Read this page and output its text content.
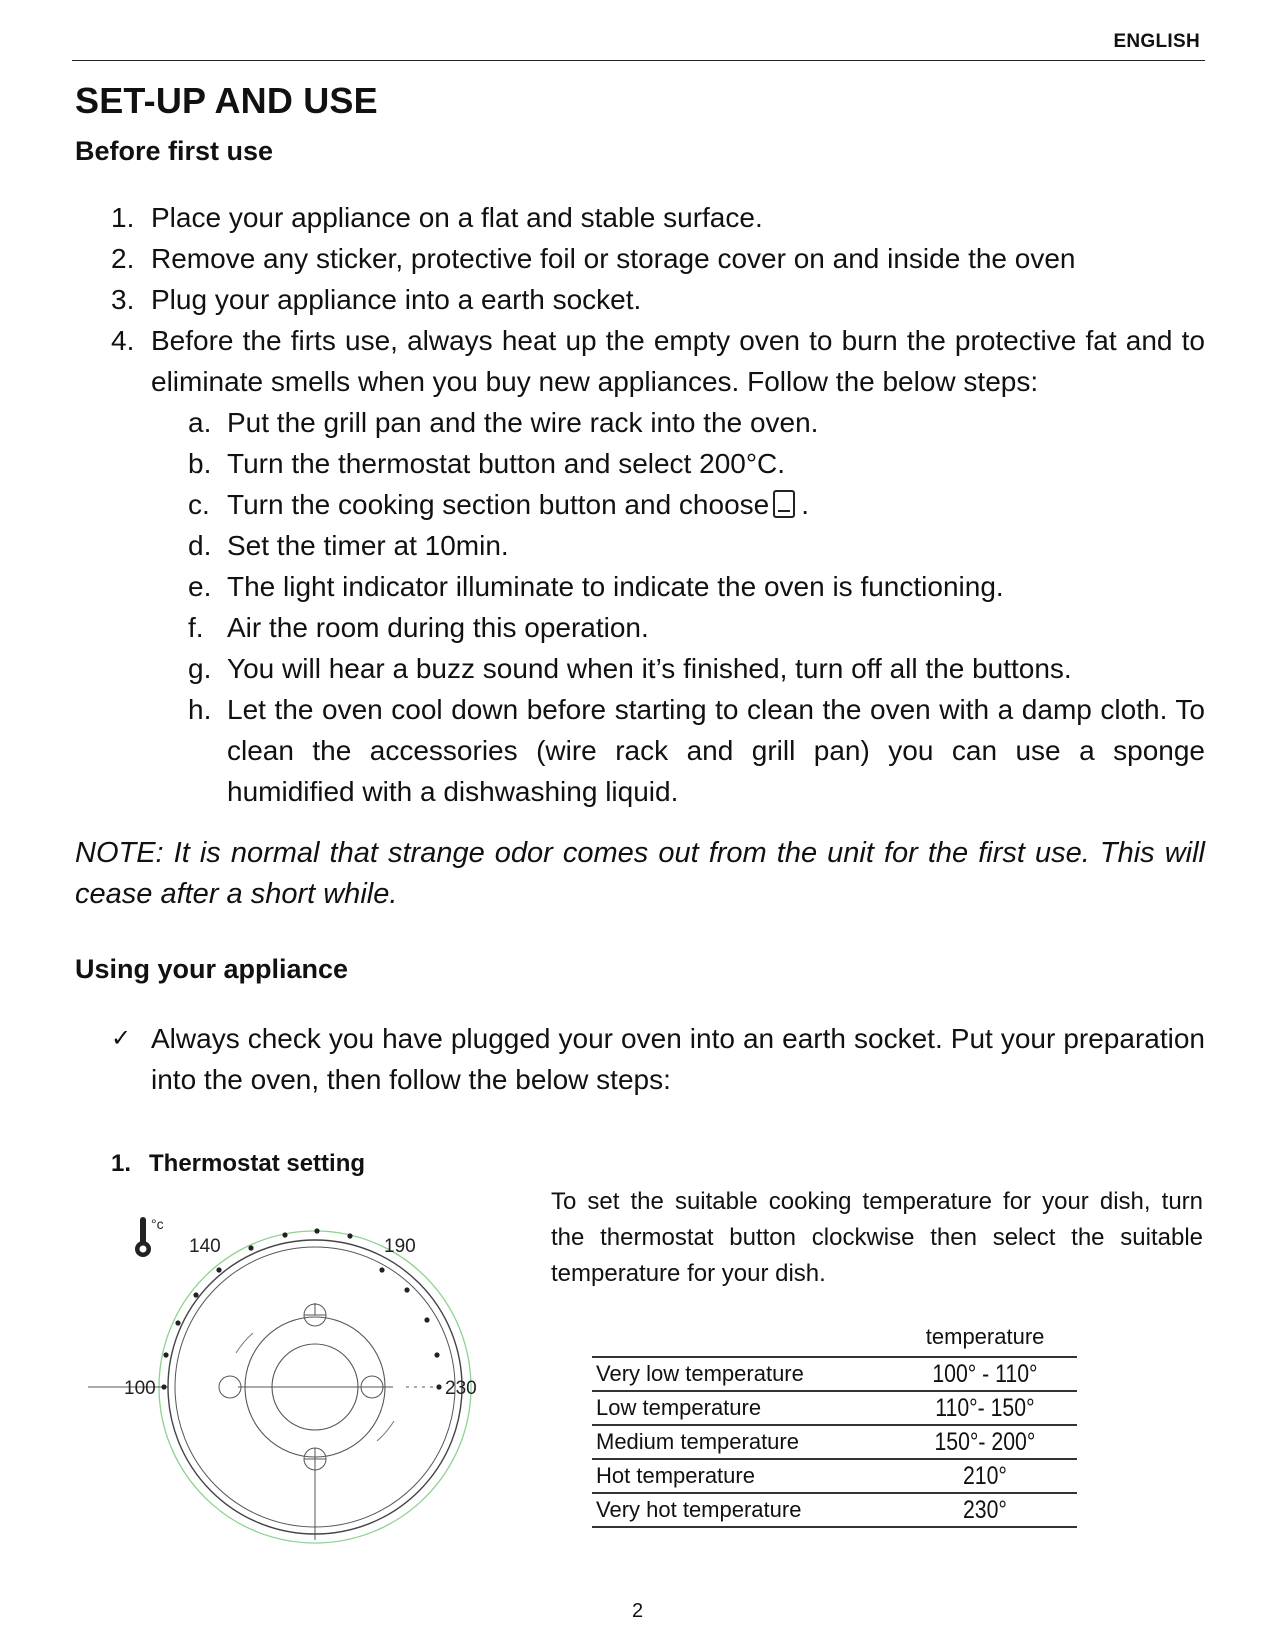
ENGLISH
SET-UP AND USE
Before first use
1. Place your appliance on a flat and stable surface.
2. Remove any sticker, protective foil or storage cover on and inside the oven
3. Plug your appliance into a earth socket.
4. Before the firts use, always heat up the empty oven to burn the protective fat and to eliminate smells when you buy new appliances. Follow the below steps:
a. Put the grill pan and the wire rack into the oven.
b. Turn the thermostat button and select 200°C.
c. Turn the cooking section button and choose .
d. Set the timer at 10min.
e. The light indicator illuminate to indicate the oven is functioning.
f. Air the room during this operation.
g. You will hear a buzz sound when it’s finished, turn off all the buttons.
h. Let the oven cool down before starting to clean the oven with a damp cloth. To clean the accessories (wire rack and grill pan) you can use a sponge humidified with a dishwashing liquid.
NOTE: It is normal that strange odor comes out from the unit for the first use. This will cease after a short while.
Using your appliance
✓ Always check you have plugged your oven into an earth socket. Put your preparation into the oven, then follow the below steps:
1. Thermostat setting
To set the suitable cooking temperature for your dish, turn the thermostat button clockwise then select the suitable temperature for your dish.
°c
100
140	190
230
	temperature
Very low temperature	100° - 110°
Low temperature	110°- 150°
Medium temperature	150°- 200°
Hot temperature	210°
Very hot temperature	230°
2
